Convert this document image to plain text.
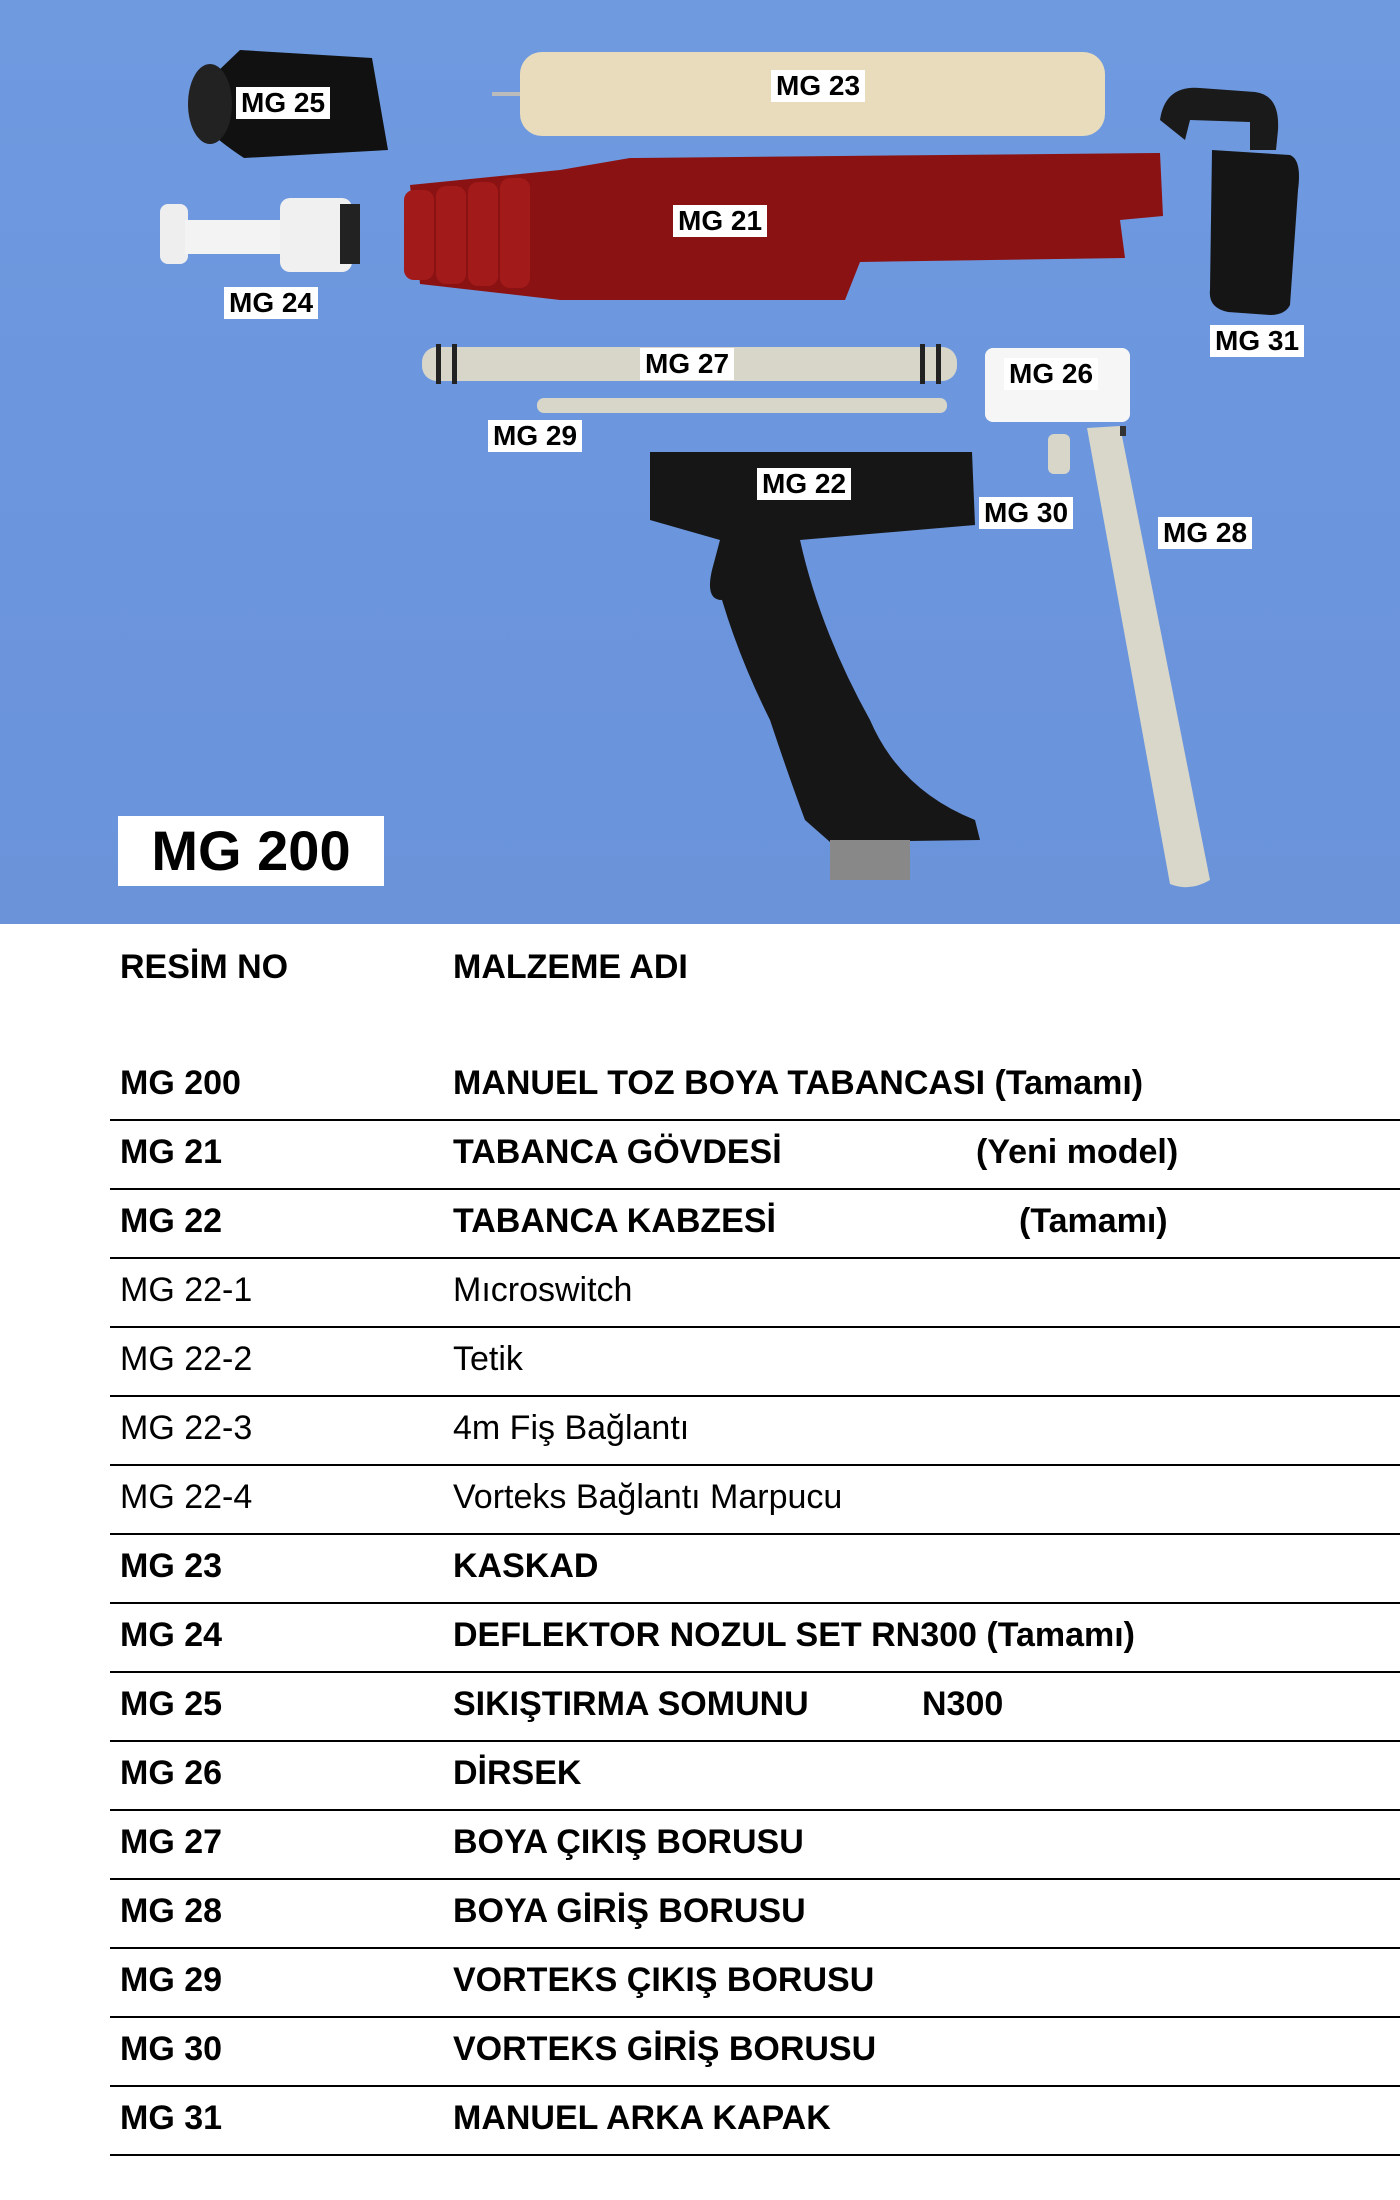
MG 25
MG 23
MG 21
MG 24
MG 31
MG 27	MG 26
MG 29
MG 22
MG 30
MG 28
MG 200
RESİM NO	MALZEME ADI
MG 200	MANUEL TOZ BOYA TABANCASI (Tamamı)
MG 21	TABANCA GÖVDESİ	(Yeni model)
MG 22	TABANCA KABZESİ	(Tamamı)
MG 22-1	Mıcroswitch
MG 22-2	Tetik
MG 22-3	4m Fiş Bağlantı
MG 22-4	Vorteks Bağlantı Marpucu
MG 23	KASKAD
MG 24	DEFLEKTOR NOZUL SET RN300 (Tamamı)
MG 25	SIKIŞTIRMA SOMUNU	N300
MG 26	DİRSEK
MG 27	BOYA ÇIKIŞ BORUSU
MG 28	BOYA GİRİŞ BORUSU
MG 29	VORTEKS ÇIKIŞ BORUSU
MG 30	VORTEKS GİRİŞ BORUSU
MG 31	MANUEL ARKA KAPAK
